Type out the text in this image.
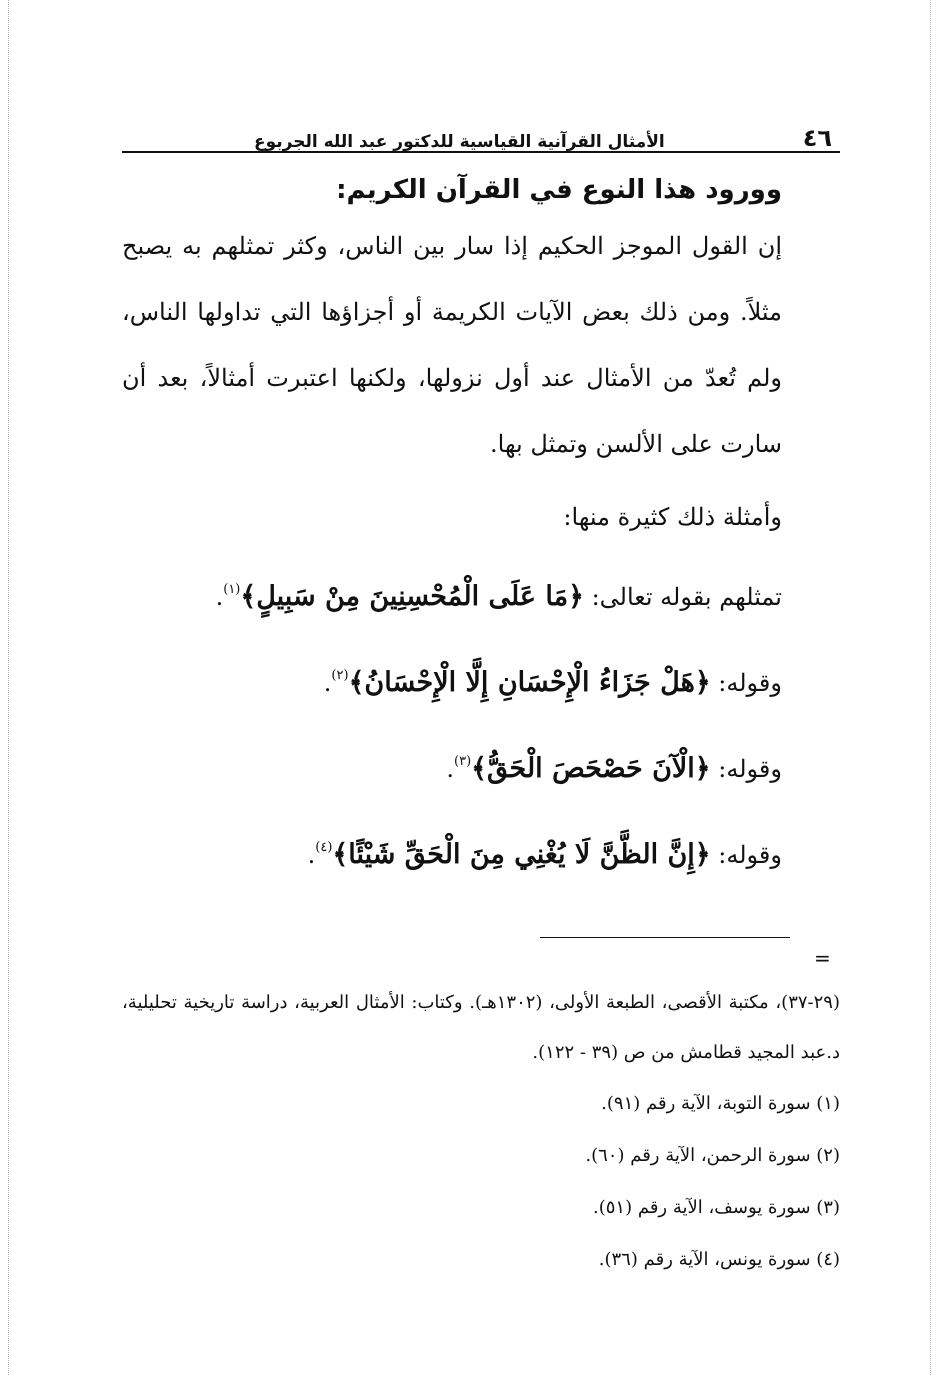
٤٦
الأمثال القرآنية القياسية للدكتور عبد الله الجربوع
وورود هذا النوع في القرآن الكريم:

إن القول الموجز الحكيم إذا سار بين الناس، وكثر تمثلهم به يصبح مثلاً. ومن ذلك بعض الآيات الكريمة أو أجزاؤها التي تداولها الناس، ولم تُعدّ من الأمثال عند أول نزولها، ولكنها اعتبرت أمثالاً، بعد أن سارت على الألسن وتمثل بها.

وأمثلة ذلك كثيرة منها:
تمثلهم بقوله تعالى: ﴿مَا عَلَى الْمُحْسِنِينَ مِنْ سَبِيلٍ﴾$^{(١)}$.
وقوله: ﴿هَلْ جَزَاءُ الْإِحْسَانِ إِلَّا الْإِحْسَانُ﴾$^{(٢)}$.
وقوله: ﴿الْآنَ حَصْحَصَ الْحَقُّ﴾$^{(٣)}$.
وقوله: ﴿إِنَّ الظَّنَّ لَا يُغْنِي مِنَ الْحَقِّ شَيْئًا﴾$^{(٤)}$.
=

(٢٩-٣٧)، مكتبة الأقصى، الطبعة الأولى، (١٣٠٢هـ). وكتاب: الأمثال العربية، دراسة تاريخية تحليلية، د.عبد المجيد قطامش من ص (٣٩ - ١٢٢).

(١) سورة التوبة، الآية رقم (٩١).
(٢) سورة الرحمن، الآية رقم (٦٠).
(٣) سورة يوسف، الآية رقم (٥١).
(٤) سورة يونس، الآية رقم (٣٦).
